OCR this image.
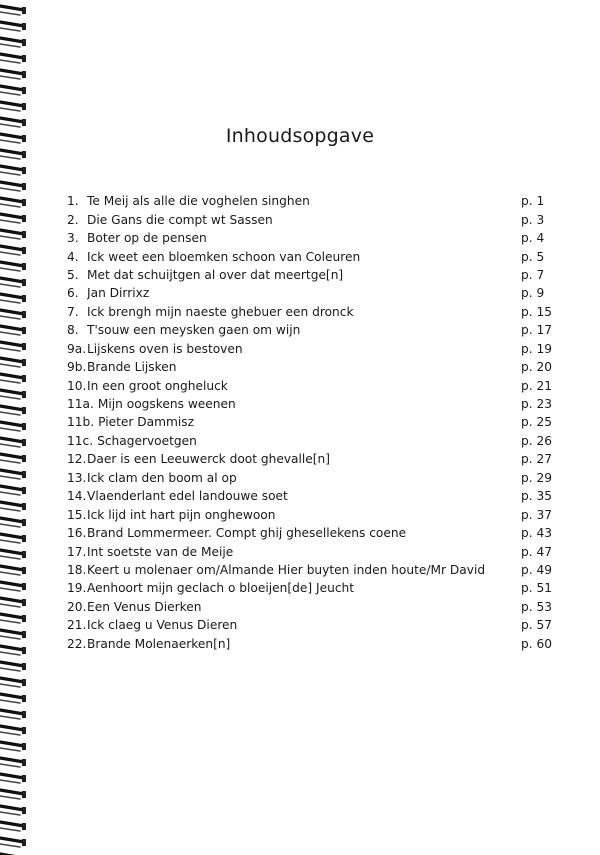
Inhoudsopgave
1. Te Meij als alle die voghelen singhen	p. 1
2. Die Gans die compt wt Sassen	p. 3
3. Boter op de pensen	p. 4
4. Ick weet een bloemken schoon van Coleuren	p. 5
5. Met dat schuijtgen al over dat meertge[n]	p. 7
6. Jan Dirrixz	p. 9
7. Ick brengh mijn naeste ghebuer een dronck	p. 15
8. T'souw een meysken gaen om wijn	p. 17
9a. Lijskens oven is bestoven	p. 19
9b. Brande Lijsken	p. 20
10. In een groot ongheluck	p. 21
11a. Mijn oogskens weenen	p. 23
11b. Pieter Dammisz	p. 25
11c. Schagervoetgen	p. 26
12. Daer is een Leeuwerck doot ghevalle[n]	p. 27
13. Ick clam den boom al op	p. 29
14. Vlaenderlant edel landouwe soet	p. 35
15. Ick lijd int hart pijn onghewoon	p. 37
16. Brand Lommermeer. Compt ghij ghesellekens coene	p. 43
17. Int soetste van de Meije	p. 47
18. Keert u molenaer om/Almande Hier buyten inden houte/Mr David	p. 49
19. Aenhoort mijn geclach o bloeijen[de] Jeucht	p. 51
20. Een Venus Dierken	p. 53
21. Ick claeg u Venus Dieren	p. 57
22. Brande Molenaerken[n]	p. 60
